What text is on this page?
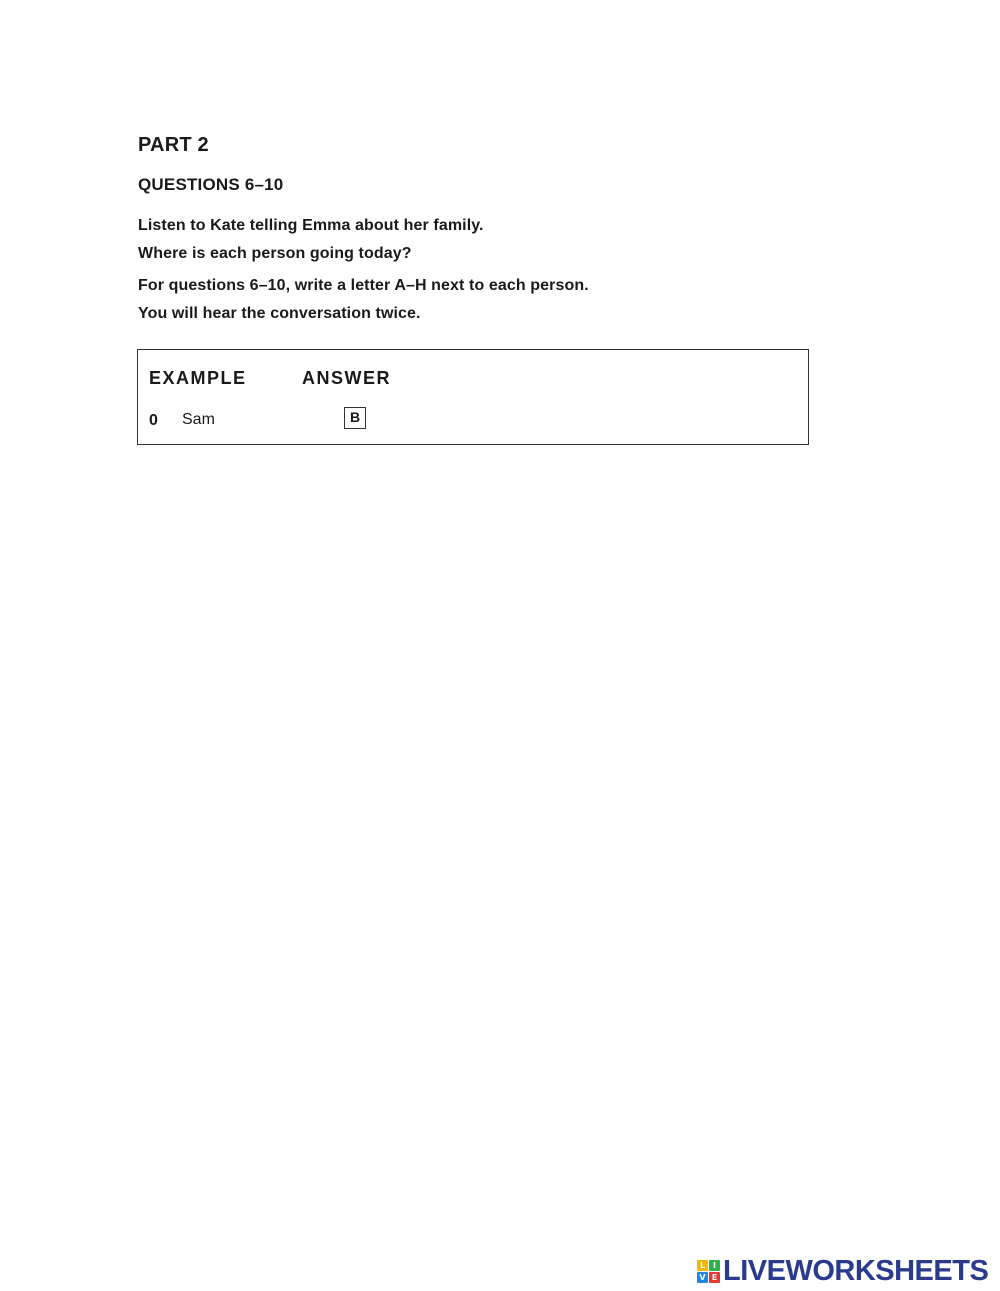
PART 2
QUESTIONS 6–10
Listen to Kate telling Emma about her family.
Where is each person going today?
For questions 6–10, write a letter A–H next to each person.
You will hear the conversation twice.
EXAMPLE	ANSWER
0 Sam	B
L I
V E LIVEWORKSHEETS
